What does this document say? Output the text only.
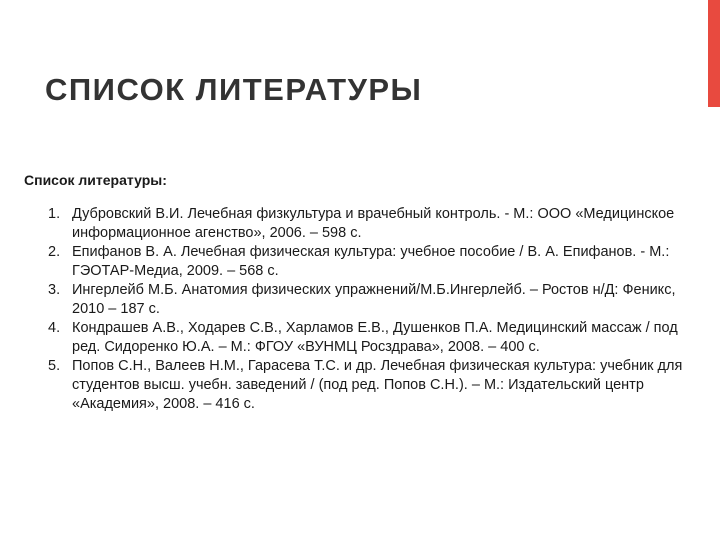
СПИСОК ЛИТЕРАТУРЫ

Список литературы:

1. Дубровский В.И. Лечебная физкультура и врачебный контроль. - М.: ООО «Медицинское информационное агенство», 2006. – 598 с.
2. Епифанов В. А. Лечебная физическая культура: учебное пособие / В. А. Епифанов. - М.: ГЭОТАР-Медиа, 2009. – 568 с.
3. Ингерлейб М.Б. Анатомия физических упражнений/М.Б.Ингерлейб. – Ростов н/Д: Феникс, 2010 – 187 с.
4. Кондрашев А.В., Ходарев С.В., Харламов Е.В., Душенков П.А. Медицинский массаж / под ред. Сидоренко Ю.А. – М.: ФГОУ «ВУНМЦ Росздрава», 2008. – 400 с.
5. Попов С.Н., Валеев Н.М., Гарасева Т.С. и др. Лечебная физическая культура: учебник для студентов высш. учебн. заведений / (под ред. Попов С.Н.). – М.: Издательский центр «Академия», 2008. – 416 с.
